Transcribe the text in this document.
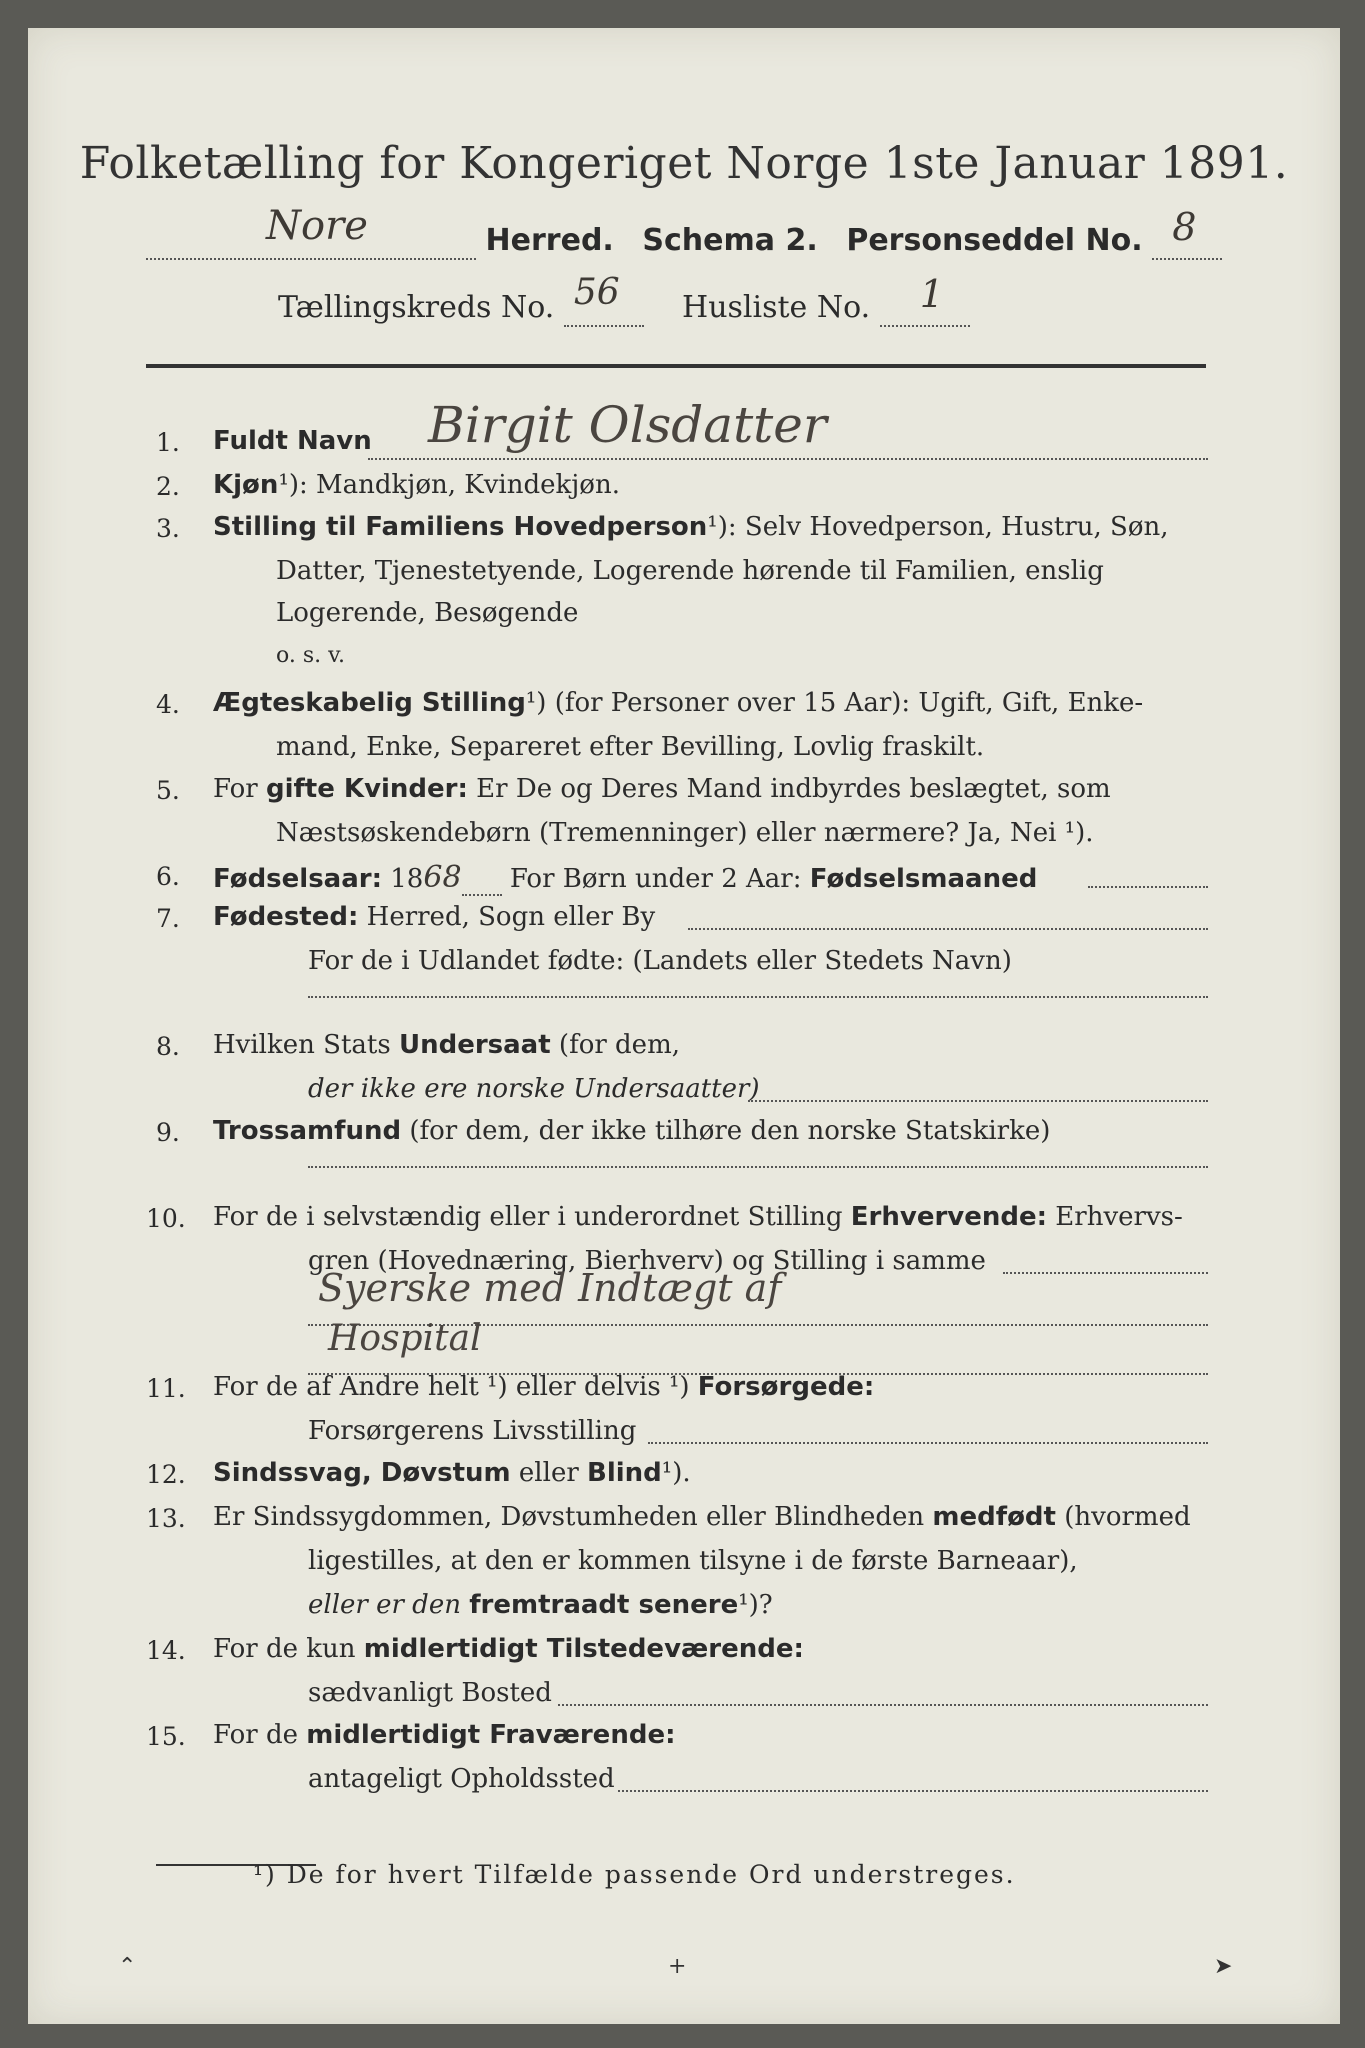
Folketælling for Kongeriget Norge 1ste Januar 1891.
Nore	Herred. Schema 2. Personseddel No. 8

Tællingskreds No. 56 Husliste No. 1

1. Fuldt Navn Birgit Olsdatter
2. Kjøn¹): Mandkjøn, Kvindekjøn.
3. Stilling til Familiens Hovedperson¹): Selv Hovedperson, Hustru, Søn,
Datter, Tjenestetyende, Logerende hørende til Familien, enslig
Logerende, Besøgende
o. s. v.
4. Ægteskabelig Stilling¹) (for Personer over 15 Aar): Ugift, Gift, Enke-
mand, Enke, Separeret efter Bevilling, Lovlig fraskilt.
5. For gifte Kvinder: Er De og Deres Mand indbyrdes beslægtet, som
Næstsøskendebørn (Tremenninger) eller nærmere? Ja, Nei ¹).
6. Fødselsaar: 1868 For Børn under 2 Aar: Fødselsmaaned
7. Fødested: Herred, Sogn eller By
For de i Udlandet fødte: (Landets eller Stedets Navn)
8. Hvilken Stats Undersaat (for dem,
der ikke ere norske Undersaatter)
9. Trossamfund (for dem, der ikke tilhøre den norske Statskirke)
10. For de i selvstændig eller i underordnet Stilling Erhvervende: Erhvervs-
gren (Hovednæring, Bierhverv) og Stilling i samme
Syerske med Indtægt af
Hospital
11. For de af Andre helt ¹) eller delvis ¹) Forsørgede:
Forsørgerens Livsstilling
12. Sindssvag, Døvstum eller Blind¹).
13. Er Sindssygdommen, Døvstumheden eller Blindheden medfødt (hvormed
ligestilles, at den er kommen tilsyne i de første Barneaar),
eller er den fremtraadt senere¹)?
14. For de kun midlertidigt Tilstedeværende:
sædvanligt Bosted
15. For de midlertidigt Fraværende:
antageligt Opholdssted
¹) De for hvert Tilfælde passende Ord understreges.
⌃	+	➤
